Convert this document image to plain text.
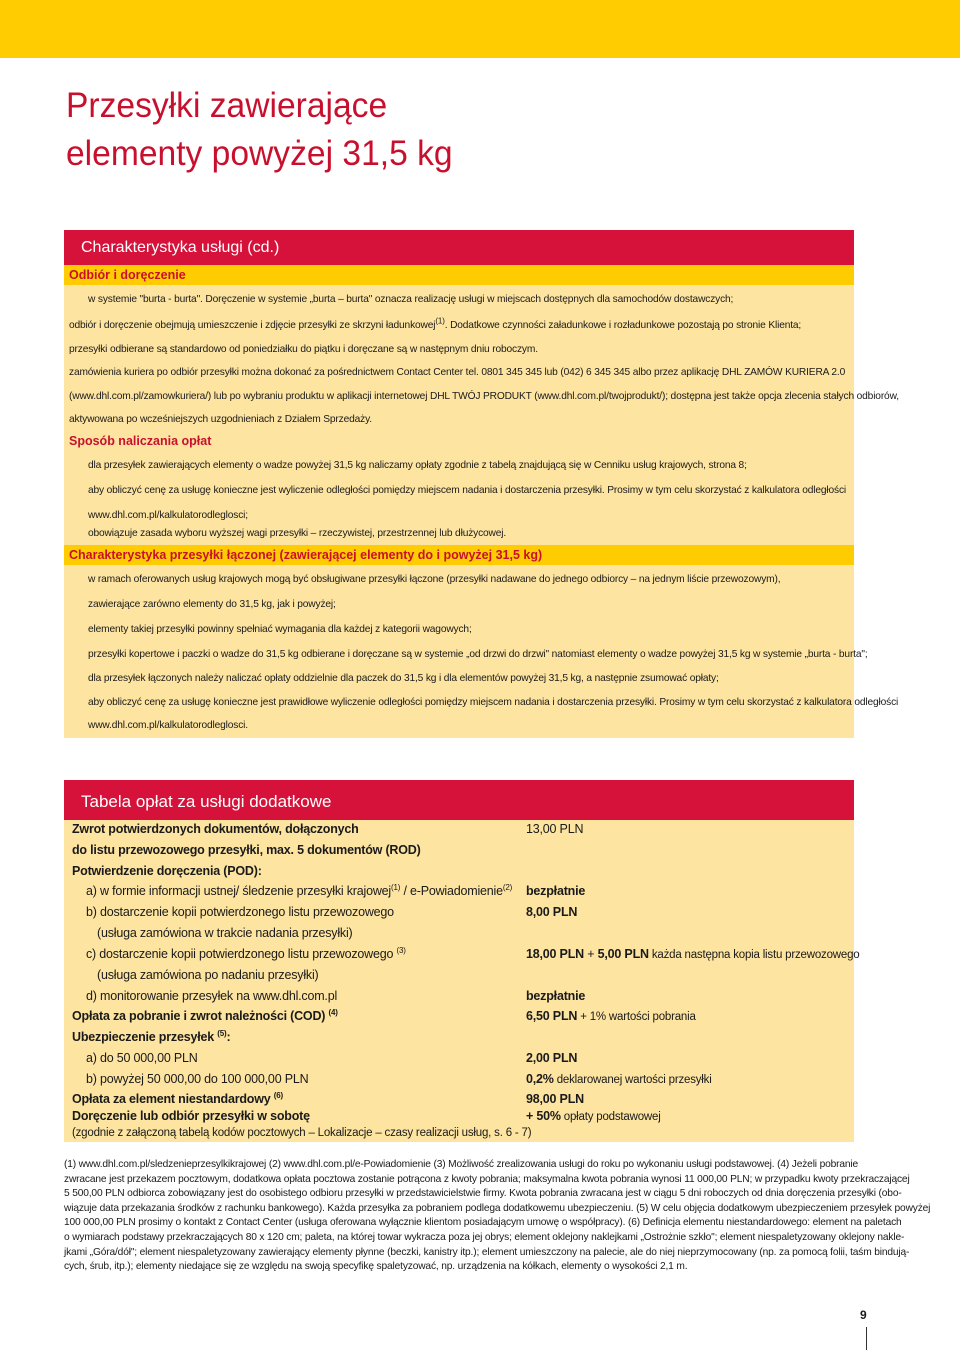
Przesyłki zawierające
elementy powyżej 31,5 kg
Charakterystyka usługi (cd.)
Odbiór i doręczenie
w systemie "burta - burta". Doręczenie w systemie „burta – burta" oznacza realizację usługi w miejscach dostępnych dla samochodów dostawczych;
odbiór i doręczenie obejmują umieszczenie i zdjęcie przesyłki ze skrzyni ładunkowej$^{(1)}$. Dodatkowe czynności załadunkowe i rozładunkowe pozostają po stronie Klienta;
przesyłki odbierane są standardowo od poniedziałku do piątku i doręczane są w następnym dniu roboczym.
zamówienia kuriera po odbiór przesyłki można dokonać za pośrednictwem Contact Center tel. 0801 345 345 lub (042) 6 345 345 albo przez aplikację DHL ZAMÓW KURIERA 2.0
(www.dhl.com.pl/zamowkuriera/) lub po wybraniu produktu w aplikacji internetowej DHL TWÓJ PRODUKT (www.dhl.com.pl/twojprodukt/); dostępna jest także opcja zlecenia stałych odbiorów,
aktywowana po wcześniejszych uzgodnieniach z Działem Sprzedaży.
Sposób naliczania opłat
dla przesyłek zawierających elementy o wadze powyżej 31,5 kg naliczamy opłaty zgodnie z tabelą znajdującą się w Cenniku usług krajowych, strona 8;
aby obliczyć cenę za usługę konieczne jest wyliczenie odległości pomiędzy miejscem nadania i dostarczenia przesyłki. Prosimy w tym celu skorzystać z kalkulatora odległości
www.dhl.com.pl/kalkulatorodleglosci;
obowiązuje zasada wyboru wyższej wagi przesyłki – rzeczywistej, przestrzennej lub dłużycowej.
Charakterystyka przesyłki łączonej (zawierającej elementy do i powyżej 31,5 kg)
w ramach oferowanych usług krajowych mogą być obsługiwane przesyłki łączone (przesyłki nadawane do jednego odbiorcy – na jednym liście przewozowym),
zawierające zarówno elementy do 31,5 kg, jak i powyżej;
elementy takiej przesyłki powinny spełniać wymagania dla każdej z kategorii wagowych;
przesyłki kopertowe i paczki o wadze do 31,5 kg odbierane i doręczane są w systemie „od drzwi do drzwi" natomiast elementy o wadze powyżej 31,5 kg w systemie „burta - burta";
dla przesyłek łączonych należy naliczać opłaty oddzielnie dla paczek do 31,5 kg i dla elementów powyżej 31,5 kg, a następnie zsumować opłaty;
aby obliczyć cenę za usługę konieczne jest prawidłowe wyliczenie odległości pomiędzy miejscem nadania i dostarczenia przesyłki. Prosimy w tym celu skorzystać z kalkulatora odległości
www.dhl.com.pl/kalkulatorodleglosci.
Tabela opłat za usługi dodatkowe
Zwrot potwierdzonych dokumentów, dołączonych	13,00 PLN
do listu przewozowego przesyłki, max. 5 dokumentów (ROD)
Potwierdzenie doręczenia (POD):
a) w formie informacji ustnej/ śledzenie przesyłki krajowej$^{(1)}$ / e-Powiadomienie$^{(2)}$ bezpłatnie
b) dostarczenie kopii potwierdzonego listu przewozowego	8,00 PLN
(usługa zamówiona w trakcie nadania przesyłki)
c) dostarczenie kopii potwierdzonego listu przewozowego $^{(3)}$	18,00 PLN + 5,00 PLN każda następna kopia listu przewozowego
(usługa zamówiona po nadaniu przesyłki)
d) monitorowanie przesyłek na www.dhl.com.pl	bezpłatnie
Opłata za pobranie i zwrot należności (COD) $^{(4)}$	6,50 PLN + 1% wartości pobrania
Ubezpieczenie przesyłek $^{(5)}$:
a) do 50 000,00 PLN	2,00 PLN
b) powyżej 50 000,00 do 100 000,00 PLN	0,2% deklarowanej wartości przesyłki
Opłata za element niestandardowy $^{(6)}$	98,00 PLN
Doręczenie lub odbiór przesyłki w sobotę	+ 50% opłaty podstawowej
(zgodnie z załączoną tabelą kodów pocztowych – Lokalizacje – czasy realizacji usług, s. 6 - 7)
(1) www.dhl.com.pl/sledzenieprzesylkikrajowej (2) www.dhl.com.pl/e-Powiadomienie (3) Możliwość zrealizowania usługi do roku po wykonaniu usługi podstawowej. (4) Jeżeli pobranie
zwracane jest przekazem pocztowym, dodatkowa opłata pocztowa zostanie potrącona z kwoty pobrania; maksymalna kwota pobrania wynosi 11 000,00 PLN; w przypadku kwoty przekraczającej
5 500,00 PLN odbiorca zobowiązany jest do osobistego odbioru przesyłki w przedstawicielstwie firmy. Kwota pobrania zwracana jest w ciągu 5 dni roboczych od dnia doręczenia przesyłki (obo-
wiązuje data przekazania środków z rachunku bankowego). Każda przesyłka za pobraniem podlega dodatkowemu ubezpieczeniu. (5) W celu objęcia dodatkowym ubezpieczeniem przesyłek powyżej
100 000,00 PLN prosimy o kontakt z Contact Center (usługa oferowana wyłącznie klientom posiadającym umowę o współpracy). (6) Definicja elementu niestandardowego: element na paletach
o wymiarach podstawy przekraczających 80 x 120 cm; paleta, na której towar wykracza poza jej obrys; element oklejony naklejkami „Ostrożnie szkło"; element niespaletyzowany oklejony nakle-
jkami „Góra/dół"; element niespaletyzowany zawierający elementy płynne (beczki, kanistry itp.); element umieszczony na palecie, ale do niej nieprzymocowany (np. za pomocą folii, taśm bindują-
cych, śrub, itp.); elementy niedające się ze względu na swoją specyfikę spaletyzować, np. urządzenia na kółkach, elementy o wysokości 2,1 m.
9
